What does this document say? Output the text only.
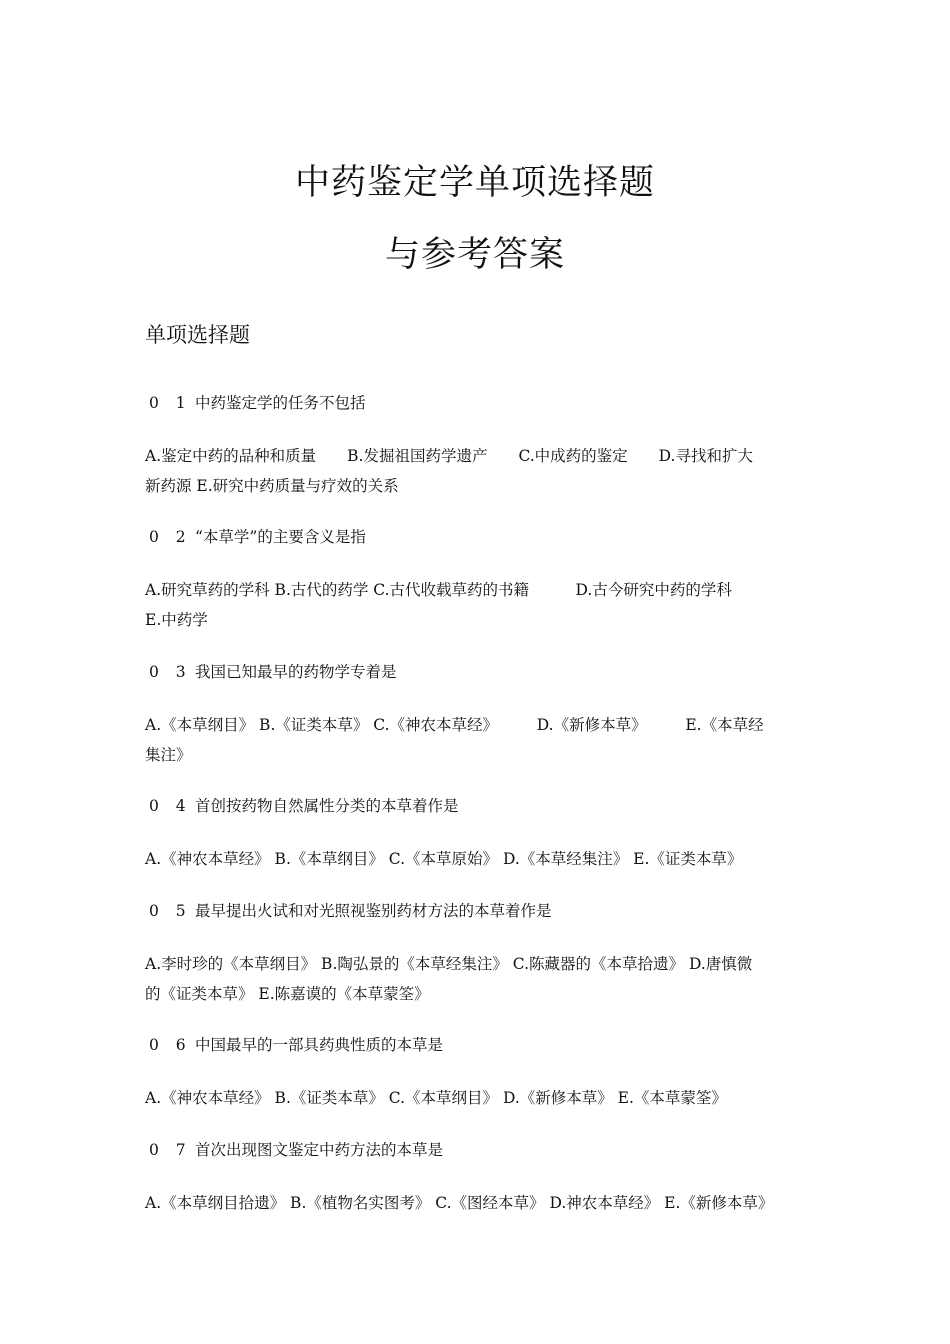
中药鉴定学单项选择题
与参考答案
单项选择题
0 1 中药鉴定学的任务不包括
A.鉴定中药的品种和质量　　B.发掘祖国药学遗产　　C.中成药的鉴定　　D.寻找和扩大
新药源 E.研究中药质量与疗效的关系
0 2 “本草学”的主要含义是指
A.研究草药的学科 B.古代的药学 C.古代收载草药的书籍　　　D.古今研究中药的学科
E.中药学
0 3 我国已知最早的药物学专着是
A.《本草纲目》 B.《证类本草》 C.《神农本草经》　　　D.《新修本草》　　　E.《本草经
集注》
0 4 首创按药物自然属性分类的本草着作是
A.《神农本草经》 B.《本草纲目》 C.《本草原始》 D.《本草经集注》 E.《证类本草》
0 5 最早提出火试和对光照视鉴别药材方法的本草着作是
A.李时珍的《本草纲目》 B.陶弘景的《本草经集注》 C.陈藏器的《本草拾遗》 D.唐慎微
的《证类本草》 E.陈嘉谟的《本草蒙筌》
0 6 中国最早的一部具药典性质的本草是
A.《神农本草经》 B.《证类本草》 C.《本草纲目》 D.《新修本草》 E.《本草蒙筌》
0 7 首次出现图文鉴定中药方法的本草是
A.《本草纲目拾遗》 B.《植物名实图考》 C.《图经本草》 D.神农本草经》 E.《新修本草》
